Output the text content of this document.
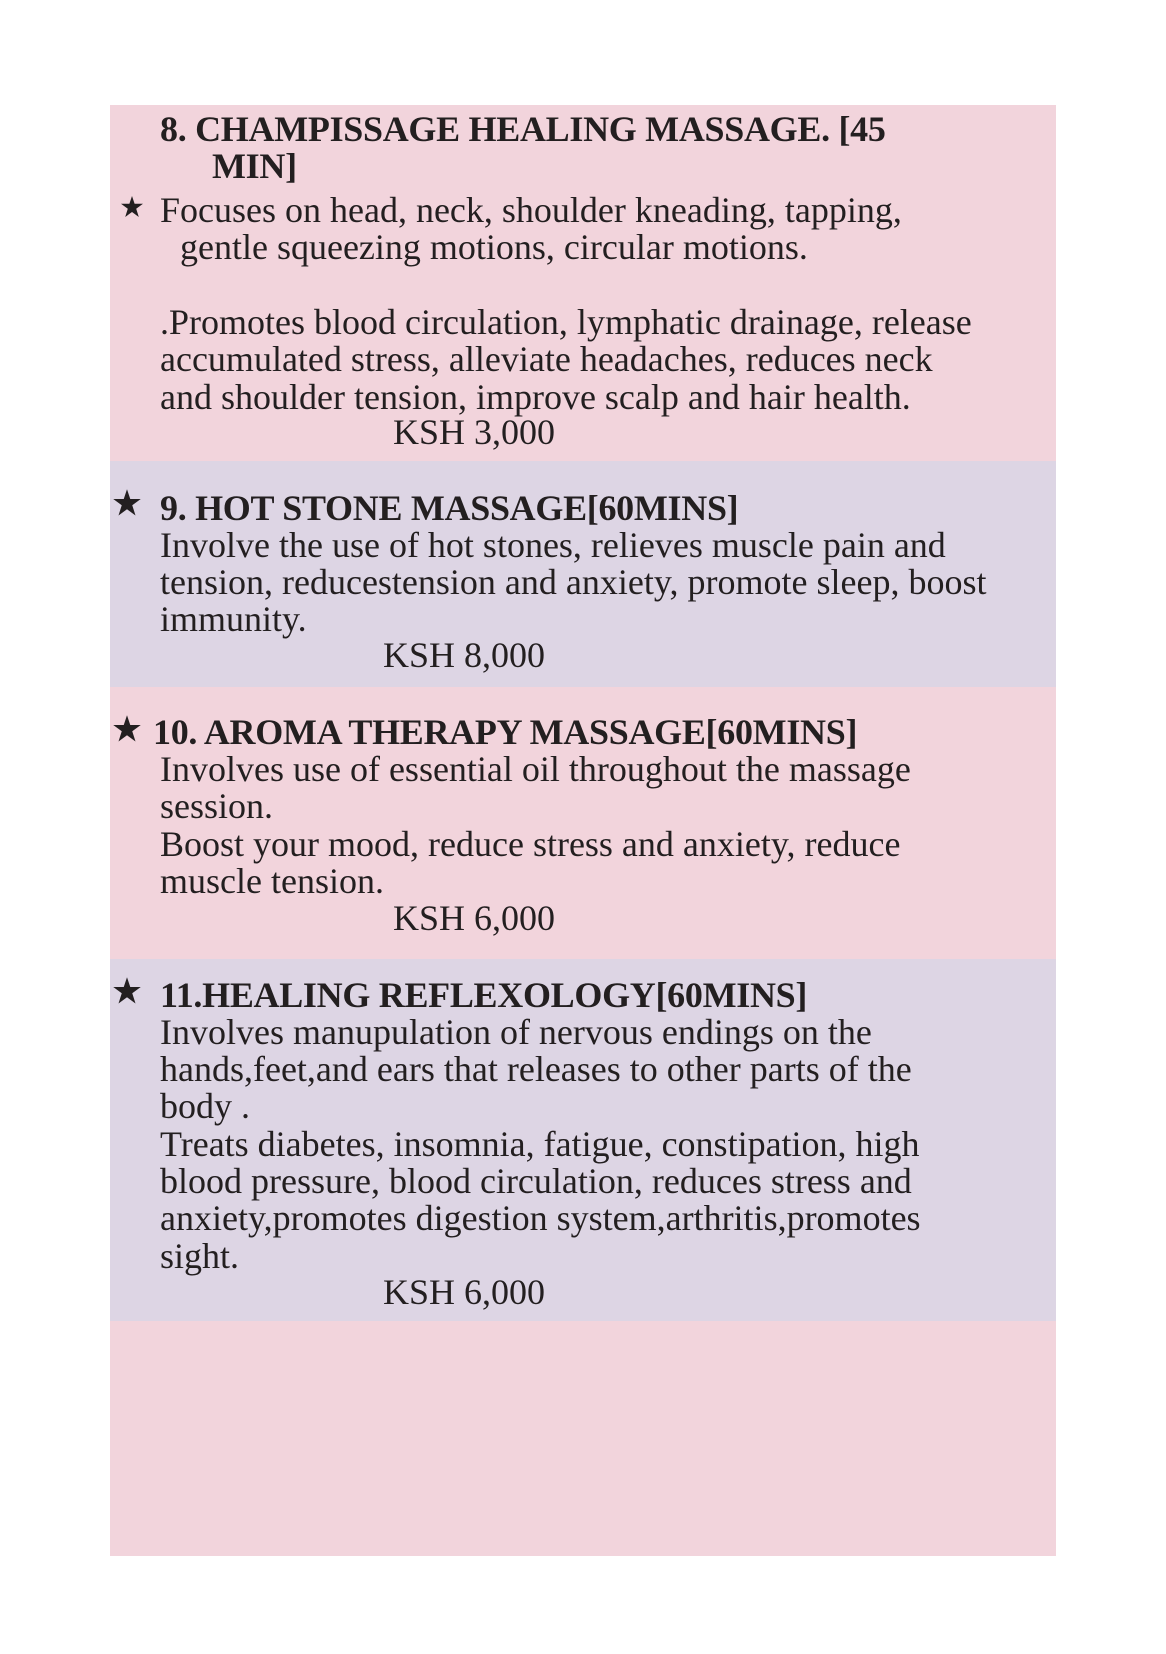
8. CHAMPISSAGE HEALING MASSAGE. [45
MIN]
Focuses on head, neck, shoulder kneading, tapping,
gentle squeezing motions, circular motions.
.Promotes blood circulation, lymphatic drainage, release
accumulated stress, alleviate headaches, reduces neck
and shoulder tension, improve scalp and hair health.
KSH 3,000
9. HOT STONE MASSAGE[60MINS]
Involve the use of hot stones, relieves muscle pain and
tension, reducestension and anxiety, promote sleep, boost
immunity.
KSH 8,000
10. AROMA THERAPY MASSAGE[60MINS]
Involves use of essential oil throughout the massage
session.
Boost your mood, reduce stress and anxiety, reduce
muscle tension.
KSH 6,000
11.HEALING REFLEXOLOGY[60MINS]
Involves manupulation of nervous endings on the
hands,feet,and ears that releases to other parts of the
body .
Treats diabetes, insomnia, fatigue, constipation, high
blood pressure, blood circulation, reduces stress and
anxiety,promotes digestion system,arthritis,promotes
sight.
KSH 6,000
